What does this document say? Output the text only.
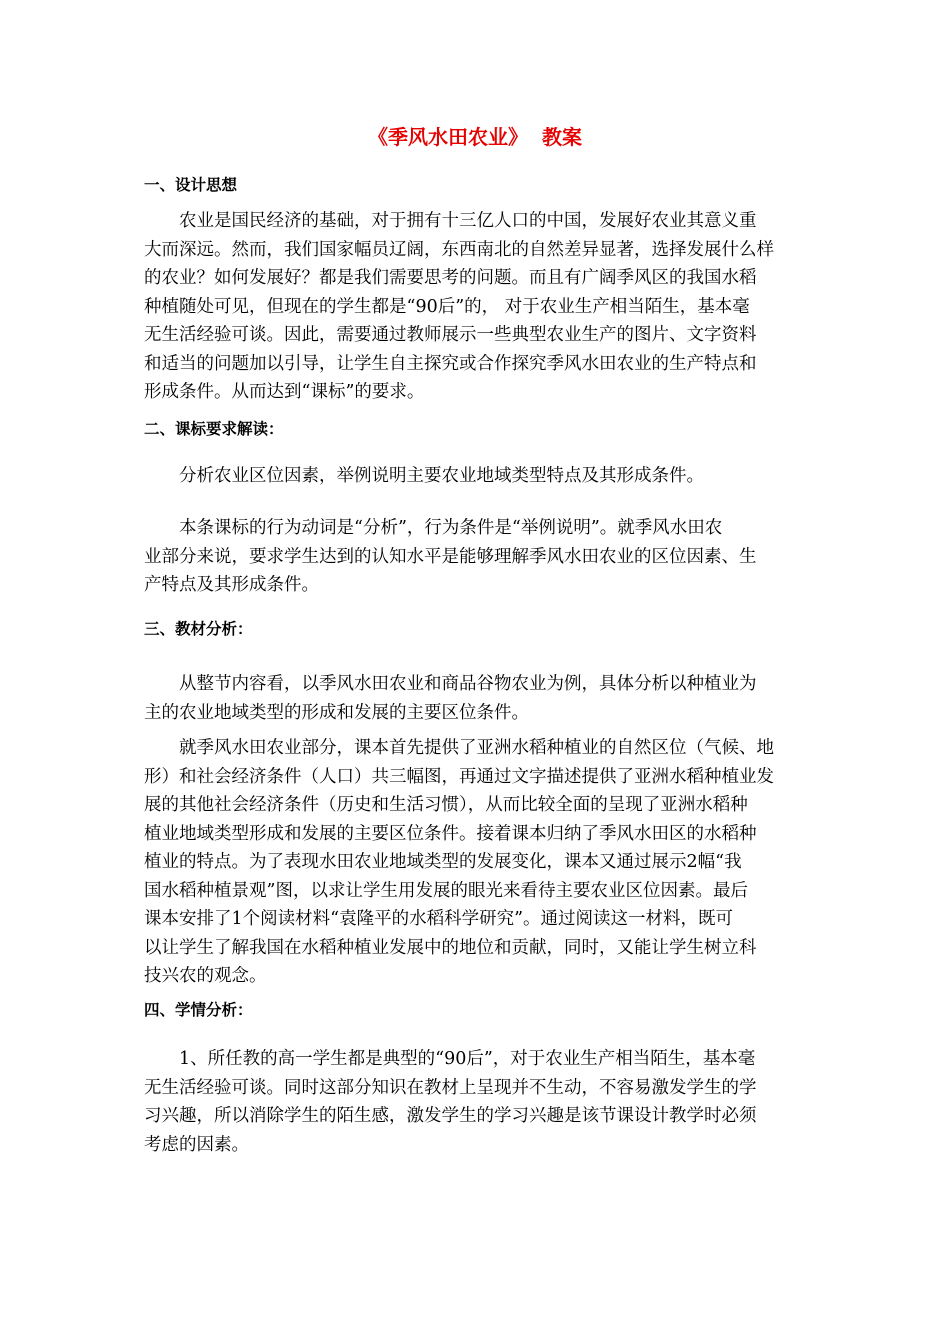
《季风水田农业》  教案
一、设计思想
农业是国民经济的基础，对于拥有十三亿人口的中国，发展好农业其意义重
大而深远。然而，我们国家幅员辽阔，东西南北的自然差异显著，选择发展什么样
的农业？如何发展好？都是我们需要思考的问题。而且有广阔季风区的我国水稻
种植随处可见，但现在的学生都是“90后”的， 对于农业生产相当陌生，基本毫
无生活经验可谈。因此，需要通过教师展示一些典型农业生产的图片、文字资料
和适当的问题加以引导，让学生自主探究或合作探究季风水田农业的生产特点和
形成条件。从而达到“课标”的要求。
二、课标要求解读：
分析农业区位因素，举例说明主要农业地域类型特点及其形成条件。
本条课标的行为动词是“分析”，行为条件是“举例说明”。就季风水田农
业部分来说，要求学生达到的认知水平是能够理解季风水田农业的区位因素、生
产特点及其形成条件。
三、教材分析：
从整节内容看，以季风水田农业和商品谷物农业为例，具体分析以种植业为
主的农业地域类型的形成和发展的主要区位条件。
就季风水田农业部分，课本首先提供了亚洲水稻种植业的自然区位（气候、地
形）和社会经济条件（人口）共三幅图，再通过文字描述提供了亚洲水稻种植业发
展的其他社会经济条件（历史和生活习惯），从而比较全面的呈现了亚洲水稻种
植业地域类型形成和发展的主要区位条件。接着课本归纳了季风水田区的水稻种
植业的特点。为了表现水田农业地域类型的发展变化，课本又通过展示2幅“我
国水稻种植景观”图，以求让学生用发展的眼光来看待主要农业区位因素。最后
课本安排了1个阅读材料“袁隆平的水稻科学研究”。通过阅读这一材料，既可
以让学生了解我国在水稻种植业发展中的地位和贡献，同时，又能让学生树立科
技兴农的观念。
四、学情分析：
1、所任教的高一学生都是典型的“90后”，对于农业生产相当陌生，基本毫
无生活经验可谈。同时这部分知识在教材上呈现并不生动，不容易激发学生的学
习兴趣，所以消除学生的陌生感，激发学生的学习兴趣是该节课设计教学时必须
考虑的因素。
